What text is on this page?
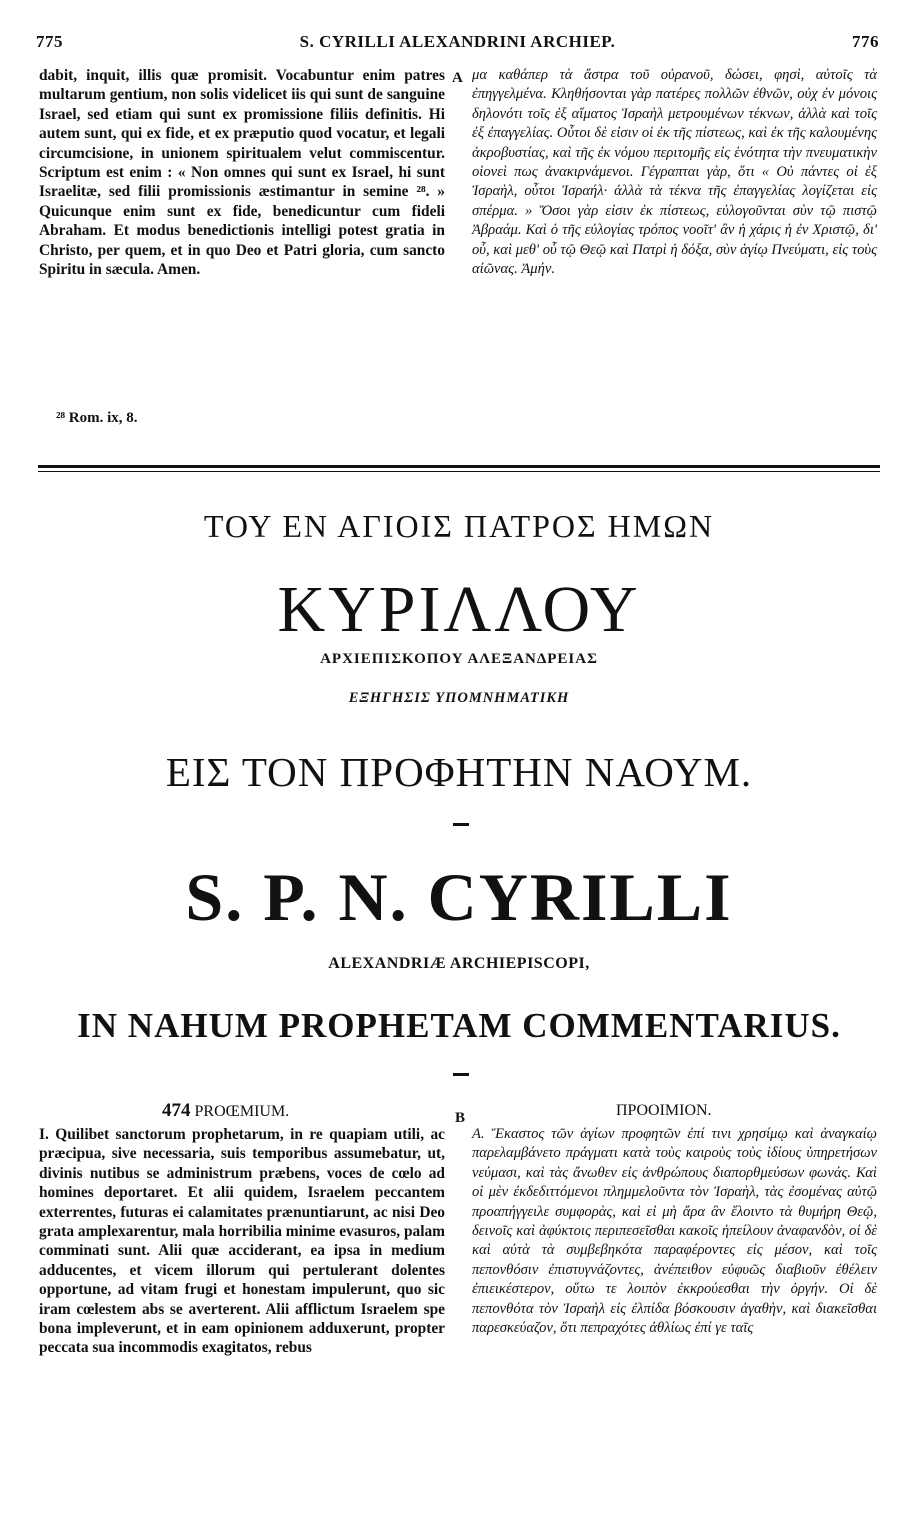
775	S. CYRILLI ALEXANDRINI ARCHIEP.	776
dabit, inquit, illis quæ promisit. Vocabuntur enim patres multarum gentium, non solis videlicet iis qui sunt de sanguine Israel, sed etiam qui sunt ex promissione filiis definitis. Hi autem sunt, qui ex fide, et ex præputio quod vocatur, et legali circumcisione, in unionem spiritualem velut commiscentur. Scriptum est enim : « Non omnes qui sunt ex Israel, hi sunt Israelitæ, sed filii promissionis æstimantur in semine ²⁸. » Quicunque enim sunt ex fide, benedicuntur cum fideli Abraham. Et modus benedictionis intelligi potest gratia in Christo, per quem, et in quo Deo et Patri gloria, cum sancto Spiritu in sæcula. Amen.
A μα καθάπερ τὰ ἄστρα τοῦ οὐρανοῦ, δώσει, φησὶ, αὐτοῖς τὰ ἐπηγγελμένα. Κληθήσονται γὰρ πατέρες πολλῶν ἐθνῶν, οὐχ ἐν μόνοις δηλονότι τοῖς ἐξ αἵματος Ἰσραὴλ μετρουμένων τέκνων, ἀλλὰ καὶ τοῖς ἐξ ἐπαγγελίας. Οὗτοι δὲ εἰσιν οἱ ἐκ τῆς πίστεως, καὶ ἐκ τῆς καλουμένης ἀκροβυστίας, καὶ τῆς ἐκ νόμου περιτομῆς εἰς ἑνότητα τὴν πνευματικὴν οἱονεὶ πως ἀνακιρνάμενοι. Γέγραπται γὰρ, ὅτι « Οὐ πάντες οἱ ἐξ Ἰσραὴλ, οὗτοι Ἰσραήλ· ἀλλὰ τὰ τέκνα τῆς ἐπαγγελίας λογίζεται εἰς σπέρμα. » Ὅσοι γὰρ εἰσιν ἐκ πίστεως, εὐλογοῦνται σὺν τῷ πιστῷ Ἀβραάμ. Καὶ ὁ τῆς εὐλογίας τρόπος νοοῖτ' ἂν ἡ χάρις ἡ ἐν Χριστῷ, δι' οὗ, καὶ μεθ' οὗ τῷ Θεῷ καὶ Πατρὶ ἡ δόξα, σὺν ἁγίῳ Πνεύματι, εἰς τοὺς αἰῶνας. Ἀμήν.
²⁸ Rom. ix, 8.
ΤΟΥ ΕΝ ΑΓΙΟΙΣ ΠΑΤΡΟΣ ΗΜΩΝ
ΚΥΡΙΛΛΟΥ
ΑΡΧΙΕΠΙΣΚΟΠΟΥ ΑΛΕΞΑΝΔΡΕΙΑΣ
ΕΞΗΓΗΣΙΣ ΥΠΟΜΝΗΜΑΤΙΚΗ
ΕΙΣ ΤΟΝ ΠΡΟΦΗΤΗΝ ΝΑΟΥΜ.
S. P. N. CYRILLI
ALEXANDRIÆ ARCHIEPISCOPI,
IN NAHUM PROPHETAM COMMENTARIUS.
474 PROŒMIUM.	B	ΠΡΟΟΙΜΙΟΝ.
I. Quilibet sanctorum prophetarum, in re quapiam utili, ac præcipua, sive necessaria, suis temporibus assumebatur, ut, divinis nutibus se administrum præbens, voces de cœlo ad homines deportaret. Et alii quidem, Israelem peccantem exterrentes, futuras ei calamitates prænuntiarunt, ac nisi Deo grata amplexarentur, mala horribilia minime evasuros, palam comminati sunt. Alii quæ acciderant, ea ipsa in medium adducentes, et vicem illorum qui pertulerant dolentes opportune, ad vitam frugi et honestam impulerunt, quo sic iram cœlestem abs se averterent. Alii afflictum Israelem spe bona impleverunt, et in eam opinionem adduxerunt, propter peccata sua incommodis exagitatos, rebus
Α. Ἕκαστος τῶν ἁγίων προφητῶν ἐπί τινι χρησίμῳ καὶ ἀναγκαίῳ παρελαμβάνετο πράγματι κατὰ τοὺς καιροὺς τοὺς ἰδίους ὑπηρετήσων νεύμασι, καὶ τὰς ἄνωθεν εἰς ἀνθρώπους διαπορθμεύσων φωνάς. Καὶ οἱ μὲν ἐκδεδιττόμενοι πλημμελοῦντα τὸν Ἰσραὴλ, τὰς ἐσομένας αὐτῷ προαπήγγειλε συμφορὰς, καὶ εἰ μὴ ἄρα ἂν ἕλοιντο τὰ θυμήρη Θεῷ, δεινοῖς καὶ ἀφύκτοις περιπεσεῖσθαι κακοῖς ἠπείλουν ἀναφανδὸν, οἱ δὲ καὶ αὐτὰ τὰ συμβεβηκότα παραφέροντες εἰς μέσον, καὶ τοῖς πεπονθόσιν ἐπιστυγνάζοντες, ἀνέπειθον εὐφυῶς διαβιοῦν ἐθέλειν ἐπιεικέστερον, οὕτω τε λοιπὸν ἐκκρούεσθαι τὴν ὀργήν. Οἱ δὲ πεπονθότα τὸν Ἰσραὴλ εἰς ἐλπίδα βόσκουσιν ἀγαθὴν, καὶ διακεῖσθαι παρεσκεύαζον, ὅτι πεπραχότες ἀθλίως ἐπί γε ταῖς
